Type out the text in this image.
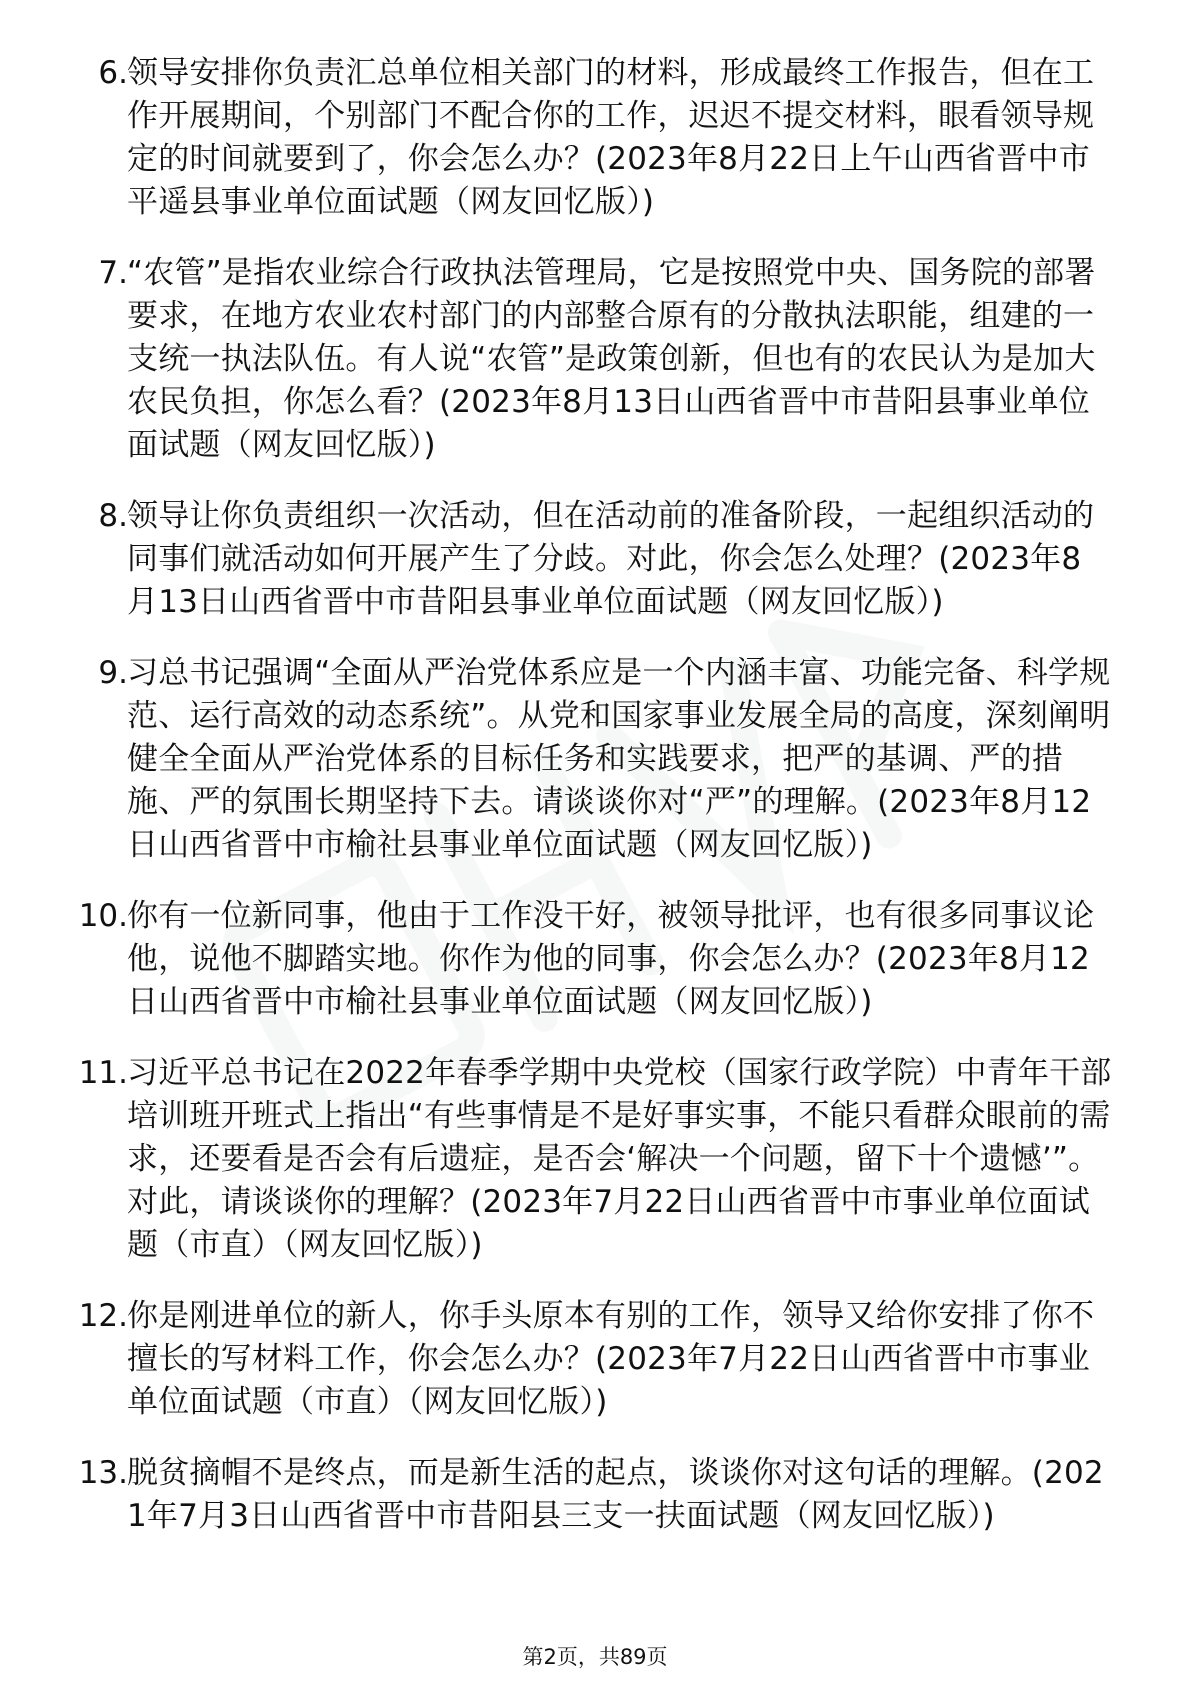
6. 领导安排你负责汇总单位相关部门的材料，形成最终工作报告，但在工作开展期间，个别部门不配合你的工作，迟迟不提交材料，眼看领导规定的时间就要到了，你会怎么办？(2023年8月22日上午山西省晋中市平遥县事业单位面试题（网友回忆版）)
7. “农管”是指农业综合行政执法管理局，它是按照党中央、国务院的部署要求，在地方农业农村部门的内部整合原有的分散执法职能，组建的一支统一执法队伍。有人说“农管”是政策创新，但也有的农民认为是加大农民负担，你怎么看？(2023年8月13日山西省晋中市昔阳县事业单位面试题（网友回忆版）)
8. 领导让你负责组织一次活动，但在活动前的准备阶段，一起组织活动的同事们就活动如何开展产生了分歧。对此，你会怎么处理？(2023年8月13日山西省晋中市昔阳县事业单位面试题（网友回忆版）)
9. 习总书记强调“全面从严治党体系应是一个内涵丰富、功能完备、科学规范、运行高效的动态系统”。从党和国家事业发展全局的高度，深刻阐明健全全面从严治党体系的目标任务和实践要求，把严的基调、严的措施、严的氛围长期坚持下去。请谈谈你对“严”的理解。(2023年8月12日山西省晋中市榆社县事业单位面试题（网友回忆版）)
10. 你有一位新同事，他由于工作没干好，被领导批评，也有很多同事议论他，说他不脚踏实地。你作为他的同事，你会怎么办？(2023年8月12日山西省晋中市榆社县事业单位面试题（网友回忆版）)
11. 习近平总书记在2022年春季学期中央党校（国家行政学院）中青年干部培训班开班式上指出“有些事情是不是好事实事，不能只看群众眼前的需求，还要看是否会有后遗症，是否会‘解决一个问题，留下十个遗憾’”。对此，请谈谈你的理解？(2023年7月22日山西省晋中市事业单位面试题（市直）（网友回忆版）)
12. 你是刚进单位的新人，你手头原本有别的工作，领导又给你安排了你不擅长的写材料工作，你会怎么办？(2023年7月22日山西省晋中市事业单位面试题（市直）（网友回忆版）)
13. 脱贫摘帽不是终点，而是新生活的起点，谈谈你对这句话的理解。(2021年7月3日山西省晋中市昔阳县三支一扶面试题（网友回忆版）)
第2页，共89页
